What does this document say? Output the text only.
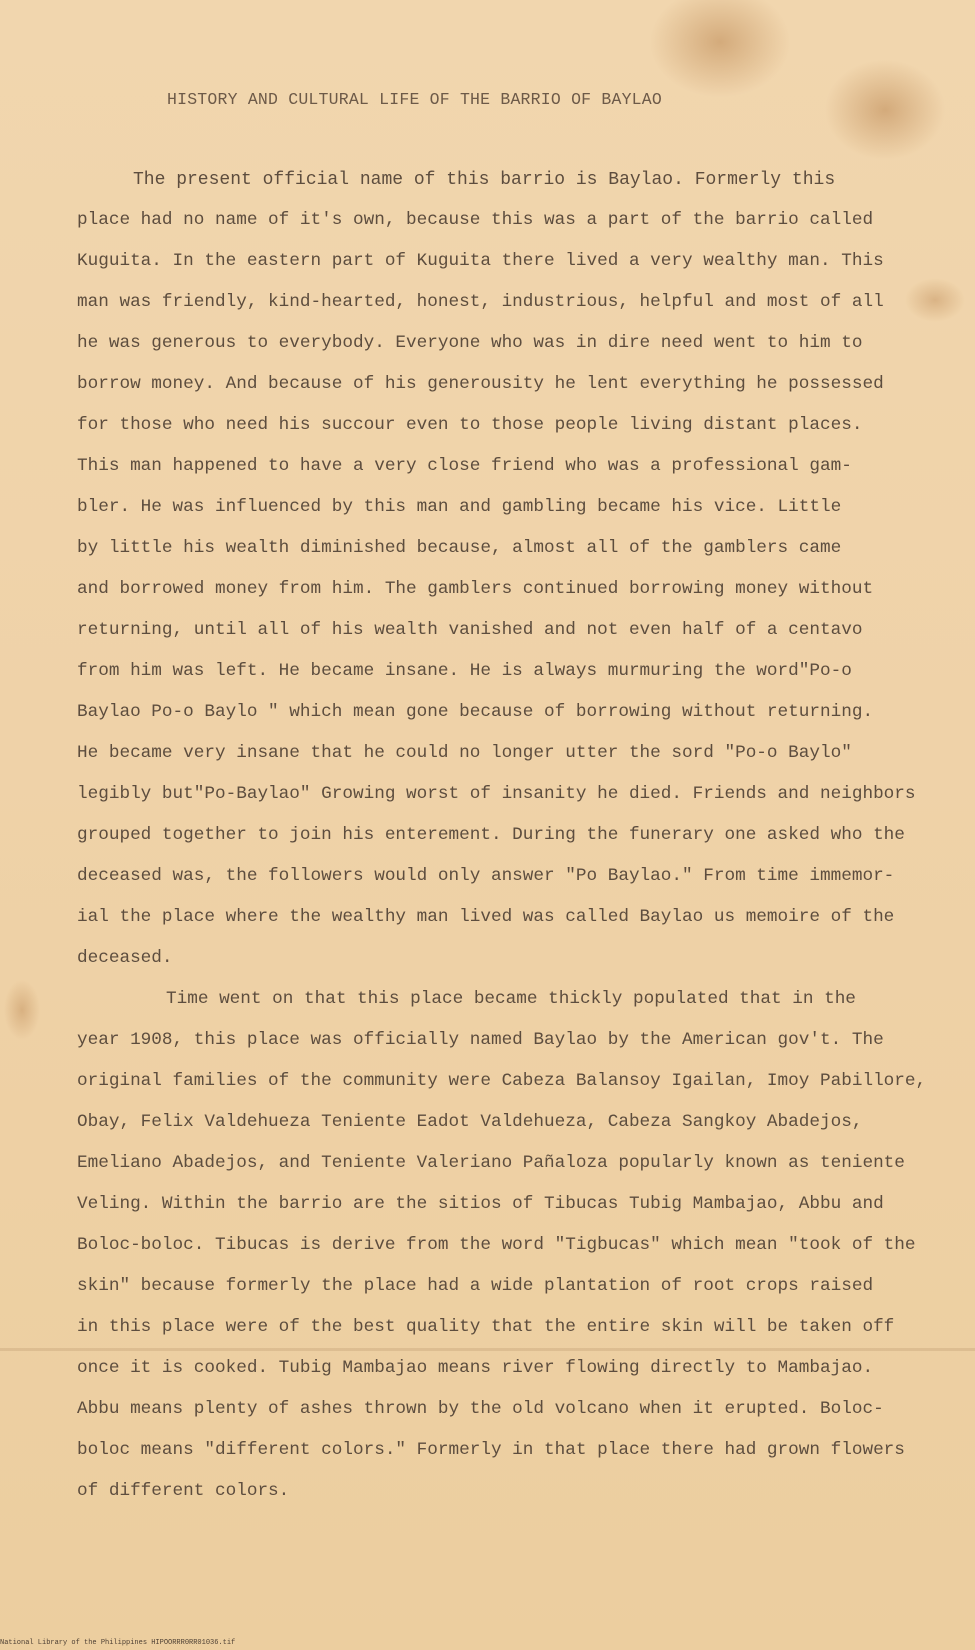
HISTORY AND CULTURAL LIFE OF THE BARRIO OF BAYLAO
The present official name of this barrio is Baylao. Formerly this
place had no name of it's own, because this was a part of the barrio called
Kuguita. In the eastern part of Kuguita there lived a very wealthy man. This
man was friendly, kind-hearted, honest, industrious, helpful and most of all
he was generous to everybody. Everyone who was in dire need went to him to
borrow money. And because of his generousity he lent everything he possessed
for those who need his succour even to those people living distant places.
This man happened to have a very close friend who was a professional gam-
bler. He was influenced by this man and gambling became his vice. Little
by little his wealth diminished because, almost all of the gamblers came
and borrowed money from him. The gamblers continued borrowing money without
returning, until all of his wealth vanished and not even half of a centavo
from him was left. He became insane. He is always murmuring the word"Po-o
Baylao Po-o Baylo " which mean gone because of borrowing without returning.
He became very insane that he could no longer utter the sord "Po-o Baylo"
legibly but"Po-Baylao" Growing worst of insanity he died. Friends and neighbors
grouped together to join his enterement. During the funerary one asked who the
deceased was, the followers would only answer "Po Baylao." From time immemor-
ial the place where the wealthy man lived was called Baylao us memoire of the
deceased.
Time went on that this place became thickly populated that in the
year 1908, this place was officially named Baylao by the American gov't. The
original families of the community were Cabeza Balansoy Igailan, Imoy Pabillore,
Obay, Felix Valdehueza Teniente Eadot Valdehueza, Cabeza Sangkoy Abadejos,
Emeliano Abadejos, and Teniente Valeriano Pañaloza popularly known as teniente
Veling. Within the barrio are the sitios of Tibucas Tubig Mambajao, Abbu and
Boloc-boloc. Tibucas is derive from the word "Tigbucas" which mean "took of the
skin" because formerly the place had a wide plantation of root crops raised
in this place were of the best quality that the entire skin will be taken off
once it is cooked. Tubig Mambajao means river flowing directly to Mambajao.
Abbu means plenty of ashes thrown by the old volcano when it erupted. Boloc-
boloc means "different colors." Formerly in that place there had grown flowers
of different colors.
National Library of the Philippines HIPOORRR0RR01036.tif
